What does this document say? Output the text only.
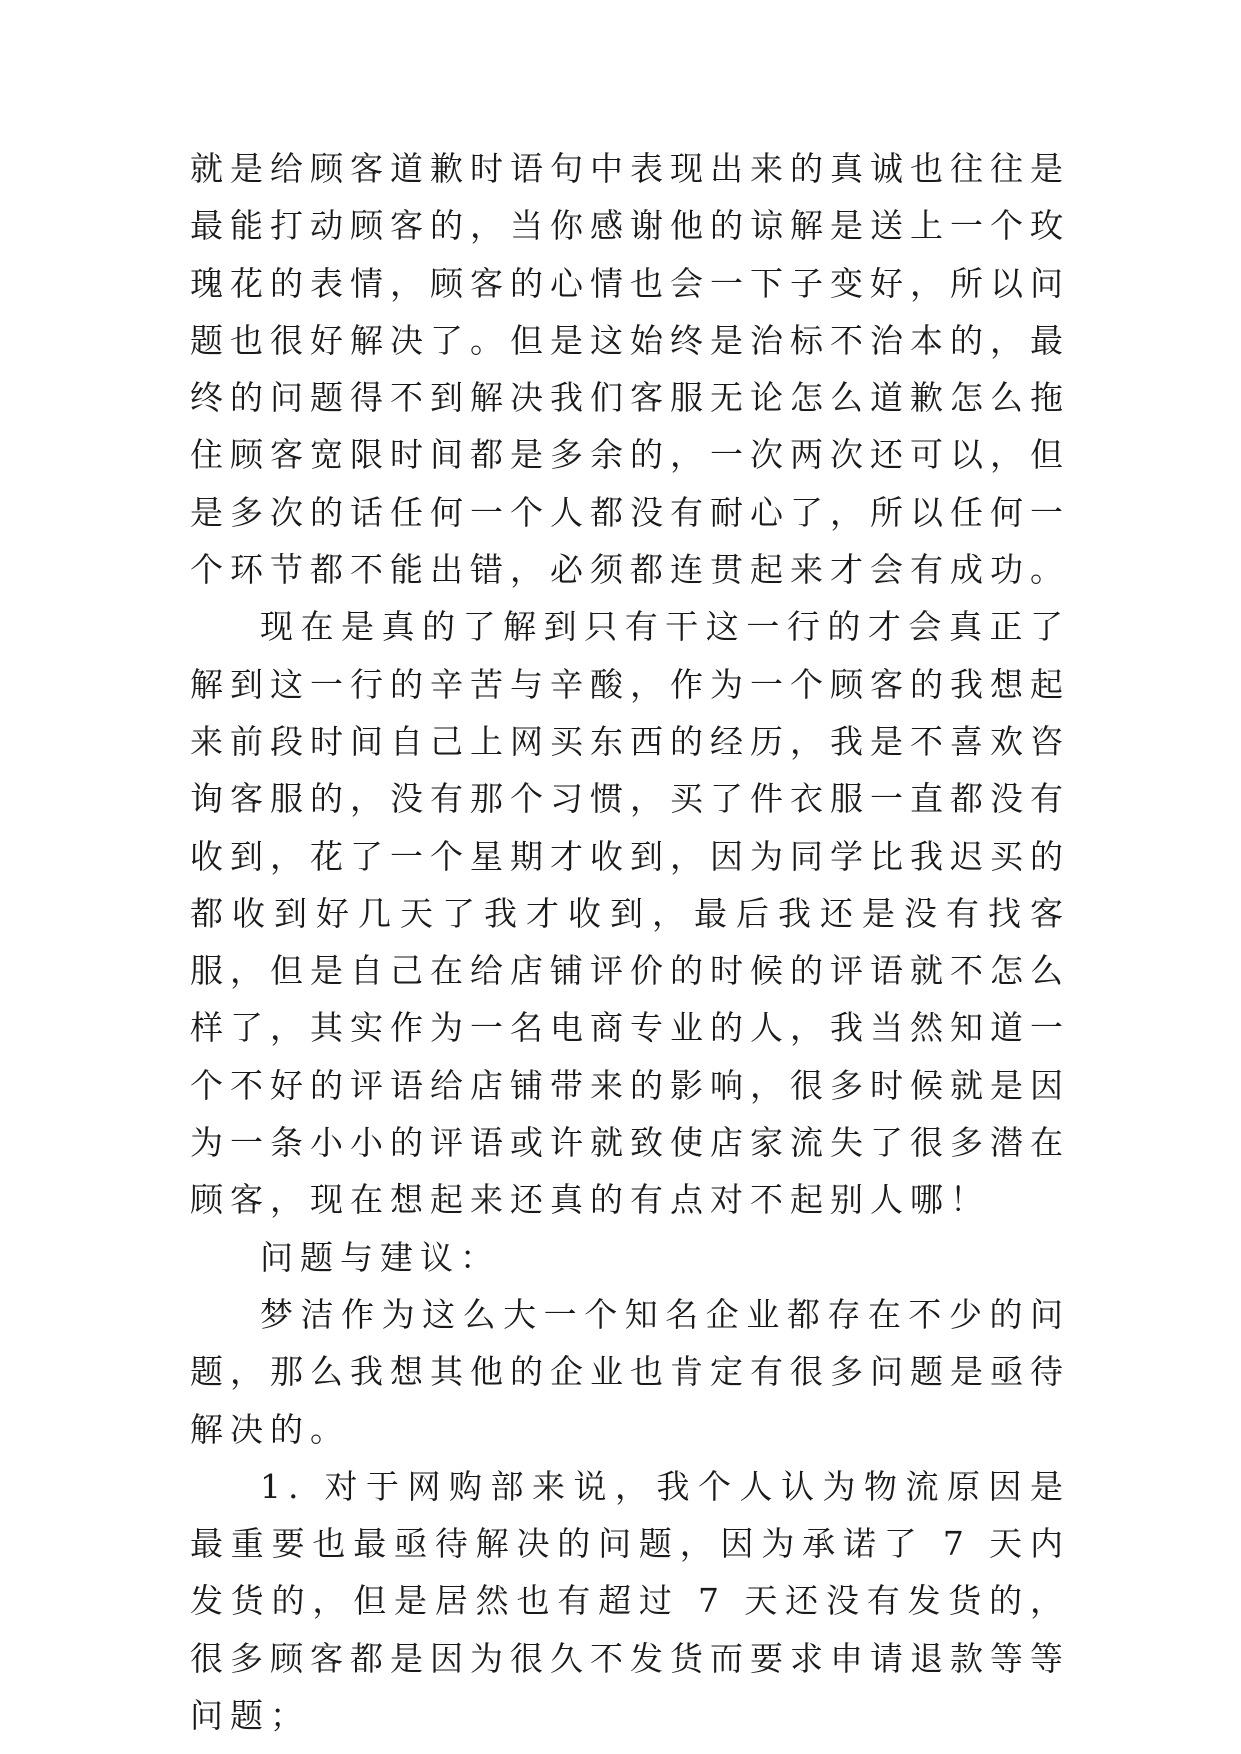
就是给顾客道歉时语句中表现出来的真诚也往往是最能打动顾客的，当你感谢他的谅解是送上一个玫瑰花的表情，顾客的心情也会一下子变好，所以问题也很好解决了。但是这始终是治标不治本的，最终的问题得不到解决我们客服无论怎么道歉怎么拖住顾客宽限时间都是多余的，一次两次还可以，但是多次的话任何一个人都没有耐心了，所以任何一个环节都不能出错，必须都连贯起来才会有成功。

现在是真的了解到只有干这一行的才会真正了解到这一行的辛苦与辛酸，作为一个顾客的我想起来前段时间自己上网买东西的经历，我是不喜欢咨询客服的，没有那个习惯，买了件衣服一直都没有收到，花了一个星期才收到，因为同学比我迟买的都收到好几天了我才收到，最后我还是没有找客服，但是自己在给店铺评价的时候的评语就不怎么样了，其实作为一名电商专业的人，我当然知道一个不好的评语给店铺带来的影响，很多时候就是因为一条小小的评语或许就致使店家流失了很多潜在顾客，现在想起来还真的有点对不起别人哪！

问题与建议：

梦洁作为这么大一个知名企业都存在不少的问题，那么我想其他的企业也肯定有很多问题是亟待解决的。

1. 对于网购部来说，我个人认为物流原因是最重要也最亟待解决的问题，因为承诺了 7 天内发货的，但是居然也有超过 7 天还没有发货的，很多顾客都是因为很久不发货而要求申请退款等等问题；
